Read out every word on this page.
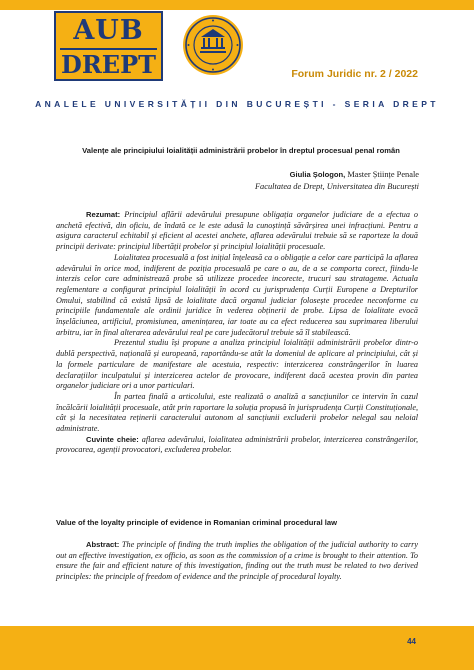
AUB
DREPT	Forum Juridic nr. 2 / 2022
ANALELE UNIVERSITĂȚII DIN BUCUREȘTI - SERIA DREPT
Valențe ale principiului loialității administrării probelor în dreptul procesual penal român
Giulia Șologon, Master Științe Penale
Facultatea de Drept, Universitatea din București

Rezumat: Principiul aflării adevărului presupune obligația organelor judiciare de a efectua o anchetă efectivă, din oficiu, de îndată ce le este adusă la cunoștință săvârșirea unei infracțiuni. Pentru a asigura caracterul echitabil și eficient al acestei anchete, aflarea adevărului trebuie să se raporteze la două principii derivate: principiul libertății probelor și principiul loialității procesuale.

Loialitatea procesuală a fost inițial înțeleasă ca o obligație a celor care participă la aflarea adevărului în orice mod, indiferent de poziția procesuală pe care o au, de a se comporta corect, fiindu-le interzis celor care administrează probe să utilizeze procedee incorecte, trucuri sau stratageme. Actuala reglementare a configurat principiul loialității în acord cu jurisprudența Curții Europene a Drepturilor Omului, stabilind că există lipsă de loialitate dacă organul judiciar folosește procedee neconforme cu principiile fundamentale ale ordinii juridice în vederea obținerii de probe. Lipsa de loialitate evocă înșelăciunea, artificiul, promisiunea, amenințarea, iar toate au ca efect reducerea sau suprimarea liberului arbitru, iar în final alterarea adevărului real pe care judecătorul trebuie să îl stabilească.

Prezentul studiu își propune a analiza principiul loialității administrării probelor dintr-o dublă perspectivă, națională și europeană, raportându-se atât la domeniul de aplicare al principiului, cât și la formele particulare de manifestare ale acestuia, respectiv: interzicerea constrângerilor în luarea declarațiilor inculpatului și interzicerea actelor de provocare, indiferent dacă acestea provin din partea organelor judiciare ori a unor particulari.

În partea finală a articolului, este realizată o analiză a sancțiunilor ce intervin în cazul încălcării loialității procesuale, atât prin raportare la soluția propusă în jurisprudența Curții Constituționale, cât și la necesitatea reținerii caracterului autonom al sancțiunii excluderii probelor nelegal sau neloial administrate.

Cuvinte cheie: aflarea adevărului, loialitatea administrării probelor, interzicerea constrângerilor, provocarea, agenții provocatori, excluderea probelor.

Value of the loyalty principle of evidence in Romanian criminal procedural law

Abstract: The principle of finding the truth implies the obligation of the judicial authority to carry out an effective investigation, ex officio, as soon as the commission of a crime is brought to their attention. To ensure the fair and efficient nature of this investigation, finding out the truth must be related to two derived principles: the principle of freedom of evidence and the principle of procedural loyalty.

44
